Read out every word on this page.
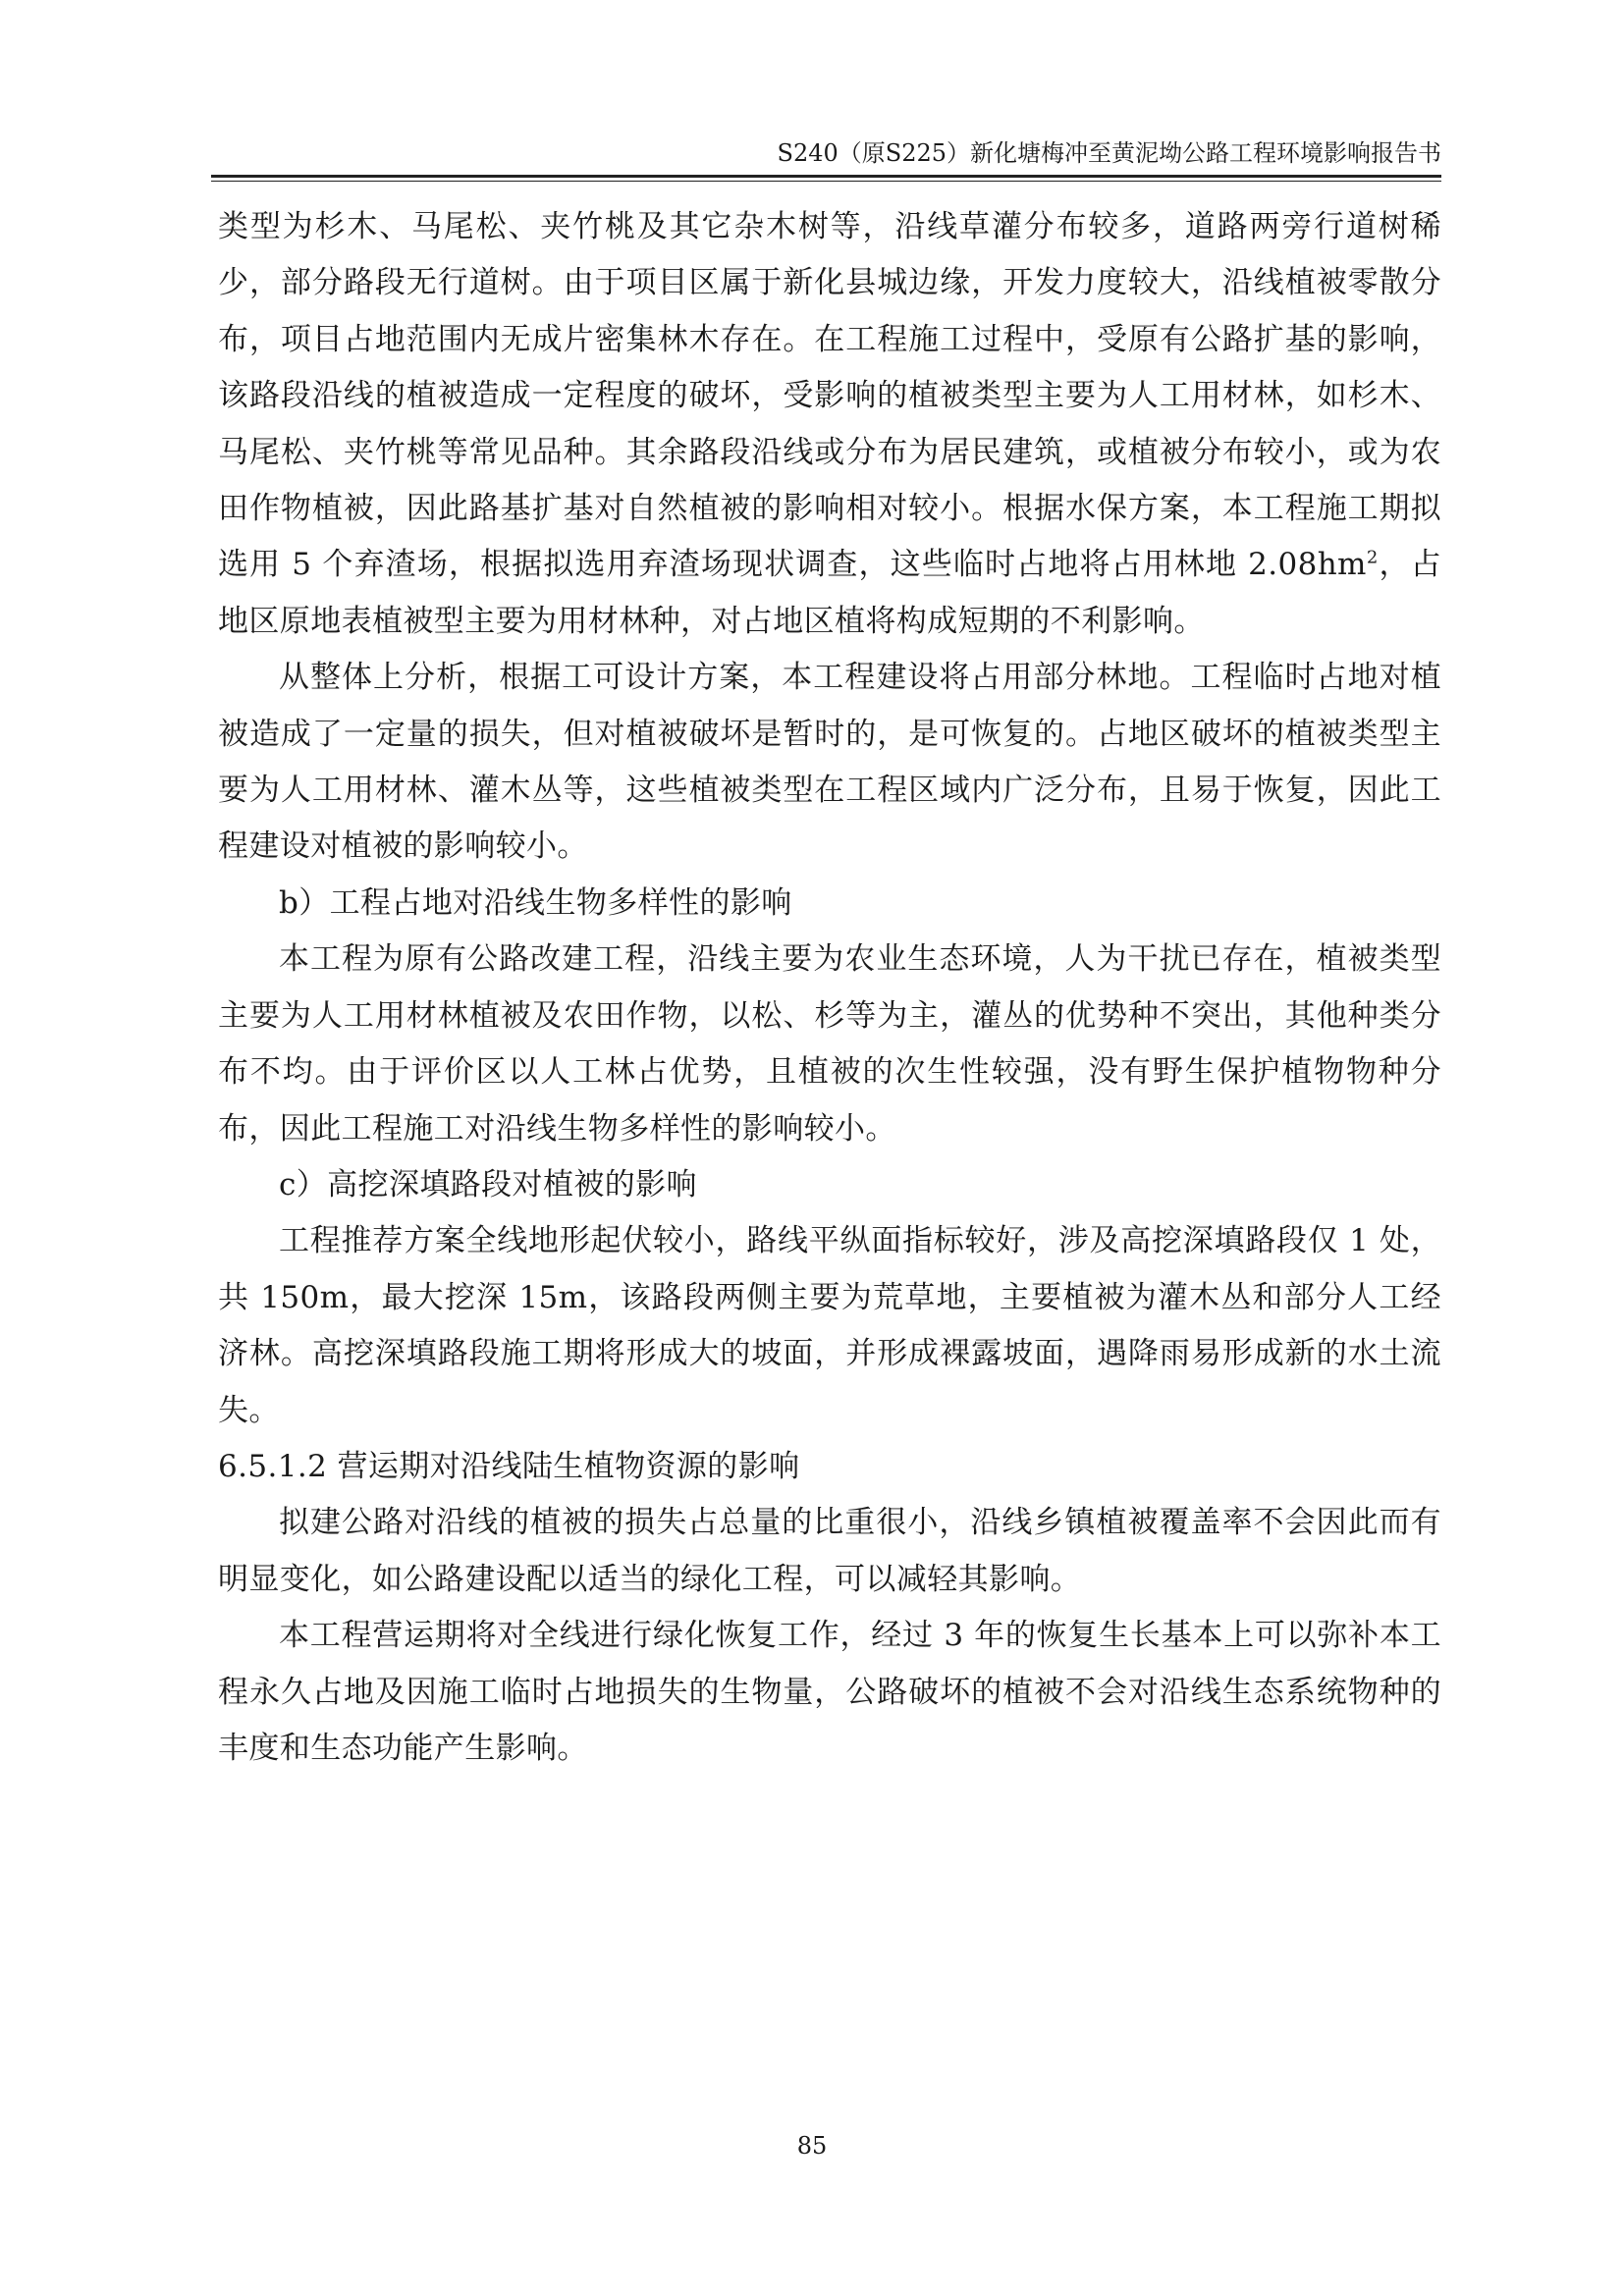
S240（原S225）新化塘梅冲至黄泥坳公路工程环境影响报告书

类型为杉木、马尾松、夹竹桃及其它杂木树等，沿线草灌分布较多，道路两旁行道树稀少，部分路段无行道树。由于项目区属于新化县城边缘，开发力度较大，沿线植被零散分布，项目占地范围内无成片密集林木存在。在工程施工过程中，受原有公路扩基的影响，该路段沿线的植被造成一定程度的破坏，受影响的植被类型主要为人工用材林，如杉木、马尾松、夹竹桃等常见品种。其余路段沿线或分布为居民建筑，或植被分布较小，或为农田作物植被，因此路基扩基对自然植被的影响相对较小。根据水保方案，本工程施工期拟选用 5 个弃渣场，根据拟选用弃渣场现状调查，这些临时占地将占用林地 $2.08hm^2$，占地区原地表植被型主要为用材林种，对占地区植将构成短期的不利影响。

从整体上分析，根据工可设计方案，本工程建设将占用部分林地。工程临时占地对植被造成了一定量的损失，但对植被破坏是暂时的，是可恢复的。占地区破坏的植被类型主要为人工用材林、灌木丛等，这些植被类型在工程区域内广泛分布，且易于恢复，因此工程建设对植被的影响较小。

b）工程占地对沿线生物多样性的影响

本工程为原有公路改建工程，沿线主要为农业生态环境，人为干扰已存在，植被类型主要为人工用材林植被及农田作物，以松、杉等为主，灌丛的优势种不突出，其他种类分布不均。由于评价区以人工林占优势，且植被的次生性较强，没有野生保护植物物种分布，因此工程施工对沿线生物多样性的影响较小。

c）高挖深填路段对植被的影响

工程推荐方案全线地形起伏较小，路线平纵面指标较好，涉及高挖深填路段仅 1 处，共 150m，最大挖深 15m，该路段两侧主要为荒草地，主要植被为灌木丛和部分人工经济林。高挖深填路段施工期将形成大的坡面，并形成裸露坡面，遇降雨易形成新的水土流失。

6.5.1.2 营运期对沿线陆生植物资源的影响

拟建公路对沿线的植被的损失占总量的比重很小，沿线乡镇植被覆盖率不会因此而有明显变化，如公路建设配以适当的绿化工程，可以减轻其影响。

本工程营运期将对全线进行绿化恢复工作，经过 3 年的恢复生长基本上可以弥补本工程永久占地及因施工临时占地损失的生物量，公路破坏的植被不会对沿线生态系统物种的丰度和生态功能产生影响。

85
